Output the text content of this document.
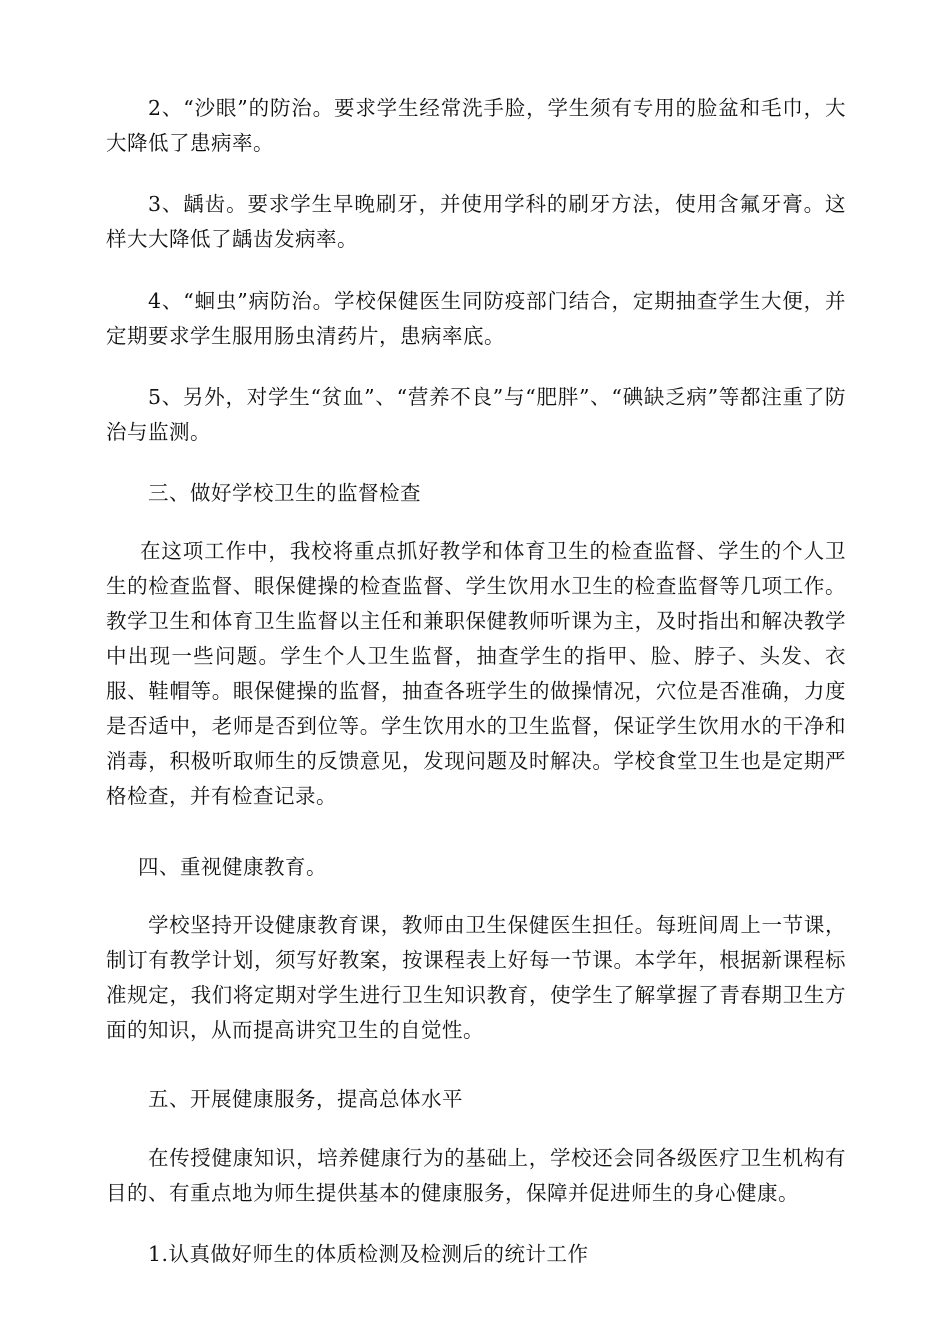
2、“沙眼”的防治。要求学生经常洗手脸，学生须有专用的脸盆和毛巾，大大降低了患病率。

3、龋齿。要求学生早晚刷牙，并使用学科的刷牙方法，使用含氟牙膏。这样大大降低了龋齿发病率。

4、“蛔虫”病防治。学校保健医生同防疫部门结合，定期抽查学生大便，并定期要求学生服用肠虫清药片，患病率底。

5、另外，对学生“贫血”、“营养不良”与“肥胖”、“碘缺乏病”等都注重了防治与监测。

三、做好学校卫生的监督检查

在这项工作中，我校将重点抓好教学和体育卫生的检查监督、学生的个人卫生的检查监督、眼保健操的检查监督、学生饮用水卫生的检查监督等几项工作。教学卫生和体育卫生监督以主任和兼职保健教师听课为主，及时指出和解决教学中出现一些问题。学生个人卫生监督，抽查学生的指甲、脸、脖子、头发、衣服、鞋帽等。眼保健操的监督，抽查各班学生的做操情况，穴位是否准确，力度是否适中，老师是否到位等。学生饮用水的卫生监督，保证学生饮用水的干净和消毒，积极听取师生的反馈意见，发现问题及时解决。学校食堂卫生也是定期严格检查，并有检查记录。

四、重视健康教育。

学校坚持开设健康教育课，教师由卫生保健医生担任。每班间周上一节课，制订有教学计划，须写好教案，按课程表上好每一节课。本学年，根据新课程标准规定，我们将定期对学生进行卫生知识教育，使学生了解掌握了青春期卫生方面的知识，从而提高讲究卫生的自觉性。

五、开展健康服务，提高总体水平

在传授健康知识，培养健康行为的基础上，学校还会同各级医疗卫生机构有目的、有重点地为师生提供基本的健康服务，保障并促进师生的身心健康。

1.认真做好师生的体质检测及检测后的统计工作
